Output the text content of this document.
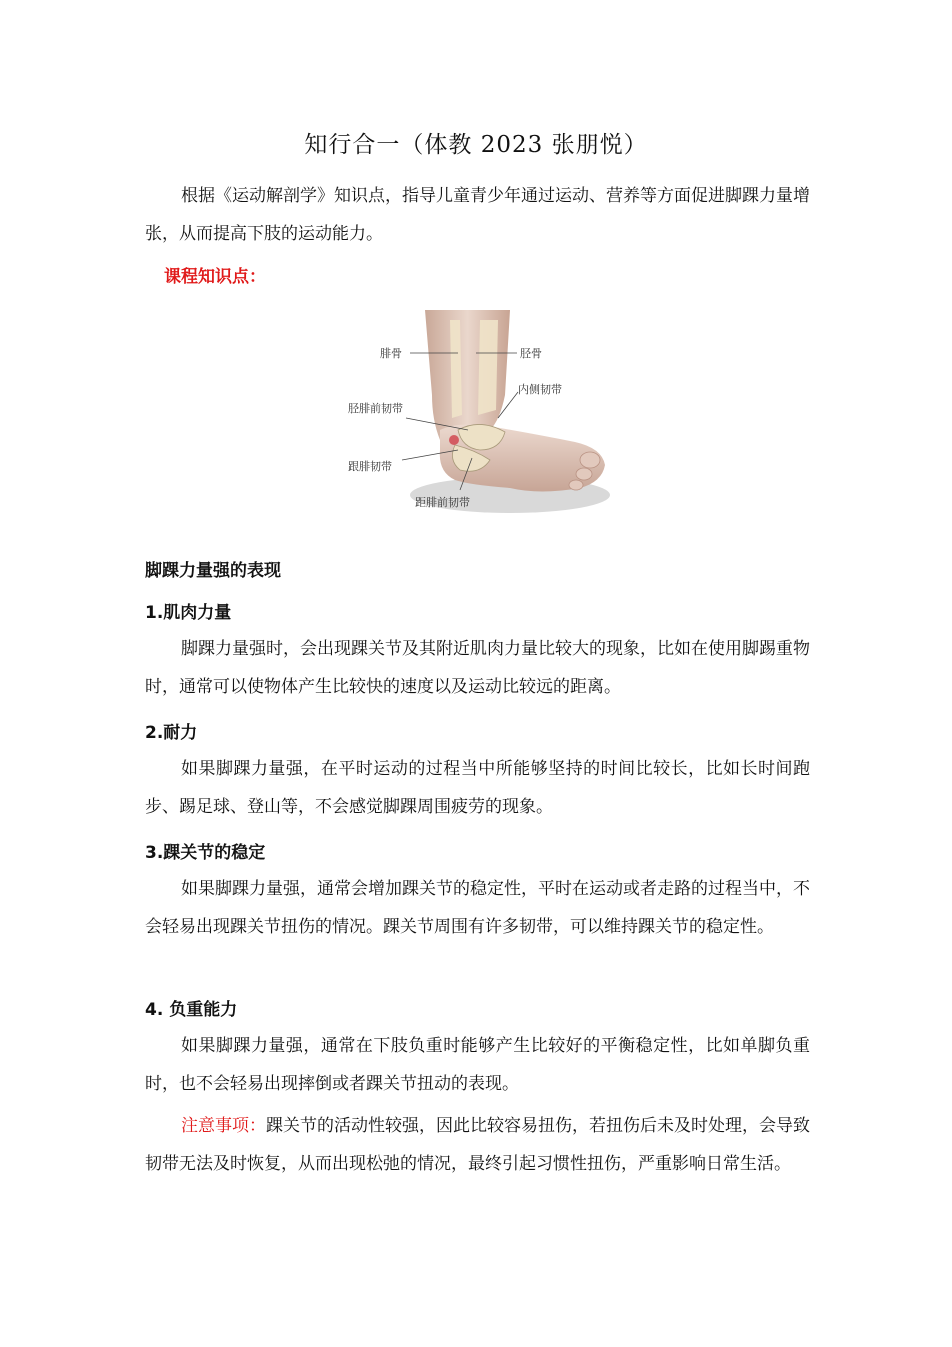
知行合一（体教 2023 张朋悦）

根据《运动解剖学》知识点，指导儿童青少年通过运动、营养等方面促进脚踝力量增张，从而提高下肢的运动能力。

课程知识点：
腓骨	胫骨
内侧韧带
胫腓前韧带
跟腓韧带
距腓前韧带
脚踝力量强的表现
1.肌肉力量

脚踝力量强时，会出现踝关节及其附近肌肉力量比较大的现象，比如在使用脚踢重物时，通常可以使物体产生比较快的速度以及运动比较远的距离。

2.耐力

如果脚踝力量强，在平时运动的过程当中所能够坚持的时间比较长，比如长时间跑步、踢足球、登山等，不会感觉脚踝周围疲劳的现象。

3.踝关节的稳定

如果脚踝力量强，通常会增加踝关节的稳定性，平时在运动或者走路的过程当中，不会轻易出现踝关节扭伤的情况。踝关节周围有许多韧带，可以维持踝关节的稳定性。

4. 负重能力

如果脚踝力量强，通常在下肢负重时能够产生比较好的平衡稳定性，比如单脚负重时，也不会轻易出现摔倒或者踝关节扭动的表现。

注意事项：踝关节的活动性较强，因此比较容易扭伤，若扭伤后未及时处理，会导致韧带无法及时恢复，从而出现松弛的情况，最终引起习惯性扭伤，严重影响日常生活。
